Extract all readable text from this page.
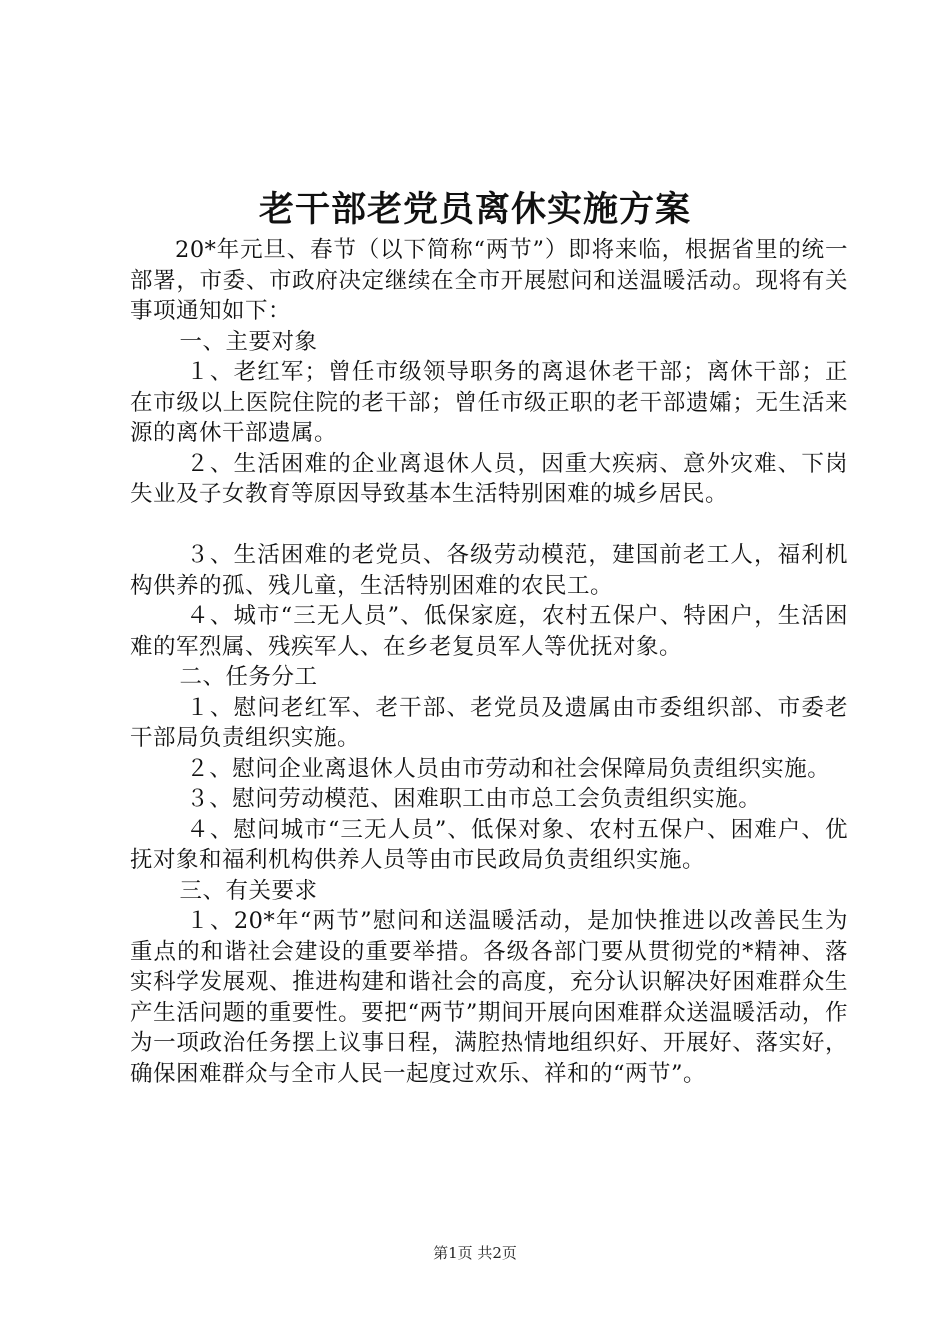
老干部老党员离休实施方案

20*年元旦、春节（以下简称“两节”）即将来临，根据省里的统一部署，市委、市政府决定继续在全市开展慰问和送温暖活动。现将有关事项通知如下：

一、主要对象

１、老红军；曾任市级领导职务的离退休老干部；离休干部；正在市级以上医院住院的老干部；曾任市级正职的老干部遗孀；无生活来源的离休干部遗属。

２、生活困难的企业离退休人员，因重大疾病、意外灾难、下岗失业及子女教育等原因导致基本生活特别困难的城乡居民。

３、生活困难的老党员、各级劳动模范，建国前老工人，福利机构供养的孤、残儿童，生活特别困难的农民工。

４、城市“三无人员”、低保家庭，农村五保户、特困户，生活困难的军烈属、残疾军人、在乡老复员军人等优抚对象。

二、任务分工

１、慰问老红军、老干部、老党员及遗属由市委组织部、市委老干部局负责组织实施。

２、慰问企业离退休人员由市劳动和社会保障局负责组织实施。

３、慰问劳动模范、困难职工由市总工会负责组织实施。

４、慰问城市“三无人员”、低保对象、农村五保户、困难户、优抚对象和福利机构供养人员等由市民政局负责组织实施。

三、有关要求

１、20*年“两节”慰问和送温暖活动，是加快推进以改善民生为重点的和谐社会建设的重要举措。各级各部门要从贯彻党的*精神、落实科学发展观、推进构建和谐社会的高度，充分认识解决好困难群众生产生活问题的重要性。要把“两节”期间开展向困难群众送温暖活动，作为一项政治任务摆上议事日程，满腔热情地组织好、开展好、落实好，确保困难群众与全市人民一起度过欢乐、祥和的“两节”。

第1页 共2页
